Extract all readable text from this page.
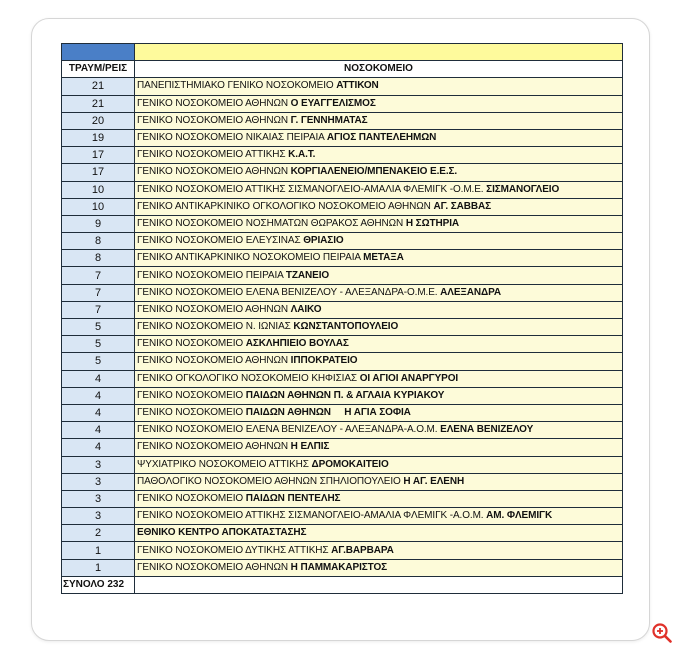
ΤΡΑΥΜ/ΡΕΙΣ	ΝΟΣΟΚΟΜΕΙΟ
21	ΠΑΝΕΠΙΣΤΗΜΙΑΚΟ ΓΕΝΙΚΟ ΝΟΣΟΚΟΜΕΙΟ ΑΤΤΙΚΟΝ
21	ΓΕΝΙΚΟ ΝΟΣΟΚΟΜΕΙΟ ΑΘΗΝΩΝ Ο ΕΥΑΓΓΕΛΙΣΜΟΣ
20	ΓΕΝΙΚΟ ΝΟΣΟΚΟΜΕΙΟ ΑΘΗΝΩΝ Γ. ΓΕΝΝΗΜΑΤΑΣ
19	ΓΕΝΙΚΟ ΝΟΣΟΚΟΜΕΙΟ ΝΙΚΑΙΑΣ ΠΕΙΡΑΙΑ ΑΓΙΟΣ ΠΑΝΤΕΛΕΗΜΩΝ
17	ΓΕΝΙΚΟ ΝΟΣΟΚΟΜΕΙΟ ΑΤΤΙΚΗΣ Κ.Α.Τ.
17	ΓΕΝΙΚΟ ΝΟΣΟΚΟΜΕΙΟ ΑΘΗΝΩΝ ΚΟΡΓΙΑΛΕΝΕΙΟ/ΜΠΕΝΑΚΕΙΟ Ε.Ε.Σ.
10	ΓΕΝΙΚΟ ΝΟΣΟΚΟΜΕΙΟ ΑΤΤΙΚΗΣ ΣΙΣΜΑΝΟΓΛΕΙΟ-ΑΜΑΛΙΑ ΦΛΕΜΙΓΚ -Ο.Μ.Ε. ΣΙΣΜΑΝΟΓΛΕΙΟ
10	ΓΕΝΙΚΟ ΑΝΤΙΚΑΡΚΙΝΙΚΟ ΟΓΚΟΛΟΓΙΚΟ ΝΟΣΟΚΟΜΕΙΟ ΑΘΗΝΩΝ ΑΓ. ΣΑΒΒΑΣ
9	ΓΕΝΙΚΟ ΝΟΣΟΚΟΜΕΙΟ ΝΟΣΗΜΑΤΩΝ ΘΩΡΑΚΟΣ ΑΘΗΝΩΝ Η ΣΩΤΗΡΙΑ
8	ΓΕΝΙΚΟ ΝΟΣΟΚΟΜΕΙΟ ΕΛΕΥΣΙΝΑΣ ΘΡΙΑΣΙΟ
8	ΓΕΝΙΚΟ ΑΝΤΙΚΑΡΚΙΝΙΚΟ ΝΟΣΟΚΟΜΕΙΟ ΠΕΙΡΑΙΑ ΜΕΤΑΞΑ
7	ΓΕΝΙΚΟ ΝΟΣΟΚΟΜΕΙΟ ΠΕΙΡΑΙΑ ΤΖΑΝΕΙΟ
7	ΓΕΝΙΚΟ ΝΟΣΟΚΟΜΕΙΟ ΕΛΕΝΑ ΒΕΝΙΖΕΛΟΥ - ΑΛΕΞΑΝΔΡΑ-Ο.Μ.Ε. ΑΛΕΞΑΝΔΡΑ
7	ΓΕΝΙΚΟ ΝΟΣΟΚΟΜΕΙΟ ΑΘΗΝΩΝ ΛΑΙΚΟ
5	ΓΕΝΙΚΟ ΝΟΣΟΚΟΜΕΙΟ Ν. ΙΩΝΙΑΣ ΚΩΝΣΤΑΝΤΟΠΟΥΛΕΙΟ
5	ΓΕΝΙΚΟ ΝΟΣΟΚΟΜΕΙΟ ΑΣΚΛΗΠΙΕΙΟ ΒΟΥΛΑΣ
5	ΓΕΝΙΚΟ ΝΟΣΟΚΟΜΕΙΟ ΑΘΗΝΩΝ ΙΠΠΟΚΡΑΤΕΙΟ
4	ΓΕΝΙΚΟ ΟΓΚΟΛΟΓΙΚΟ ΝΟΣΟΚΟΜΕΙΟ ΚΗΦΙΣΙΑΣ ΟΙ ΑΓΙΟΙ ΑΝΑΡΓΥΡΟΙ
4	ΓΕΝΙΚΟ ΝΟΣΟΚΟΜΕΙΟ ΠΑΙΔΩΝ ΑΘΗΝΩΝ Π. & ΑΓΛΑΙΑ ΚΥΡΙΑΚΟΥ
4	ΓΕΝΙΚΟ ΝΟΣΟΚΟΜΕΙΟ ΠΑΙΔΩΝ ΑΘΗΝΩΝ     Η ΑΓΙΑ ΣΟΦΙΑ
4	ΓΕΝΙΚΟ ΝΟΣΟΚΟΜΕΙΟ ΕΛΕΝΑ ΒΕΝΙΖΕΛΟΥ - ΑΛΕΞΑΝΔΡΑ-Α.Ο.Μ. ΕΛΕΝΑ ΒΕΝΙΖΕΛΟΥ
4	ΓΕΝΙΚΟ ΝΟΣΟΚΟΜΕΙΟ ΑΘΗΝΩΝ Η ΕΛΠΙΣ
3	ΨΥΧΙΑΤΡΙΚΟ ΝΟΣΟΚΟΜΕΙΟ ΑΤΤΙΚΗΣ ΔΡΟΜΟΚΑΙΤΕΙΟ
3	ΠΑΘΟΛΟΓΙΚΟ ΝΟΣΟΚΟΜΕΙΟ ΑΘΗΝΩΝ ΣΠΗΛΙΟΠΟΥΛΕΙΟ Η ΑΓ. ΕΛΕΝΗ
3	ΓΕΝΙΚΟ ΝΟΣΟΚΟΜΕΙΟ ΠΑΙΔΩΝ ΠΕΝΤΕΛΗΣ
3	ΓΕΝΙΚΟ ΝΟΣΟΚΟΜΕΙΟ ΑΤΤΙΚΗΣ ΣΙΣΜΑΝΟΓΛΕΙΟ-ΑΜΑΛΙΑ ΦΛΕΜΙΓΚ -Α.Ο.Μ. ΑΜ. ΦΛΕΜΙΓΚ
2	ΕΘΝΙΚΟ ΚΕΝΤΡΟ ΑΠΟΚΑΤΑΣΤΑΣΗΣ
1	ΓΕΝΙΚΟ ΝΟΣΟΚΟΜΕΙΟ ΔΥΤΙΚΗΣ ΑΤΤΙΚΗΣ ΑΓ.ΒΑΡΒΑΡΑ
1	ΓΕΝΙΚΟ ΝΟΣΟΚΟΜΕΙΟ ΑΘΗΝΩΝ Η ΠΑΜΜΑΚΑΡΙΣΤΟΣ
ΣΥΝΟΛΟ 232	
